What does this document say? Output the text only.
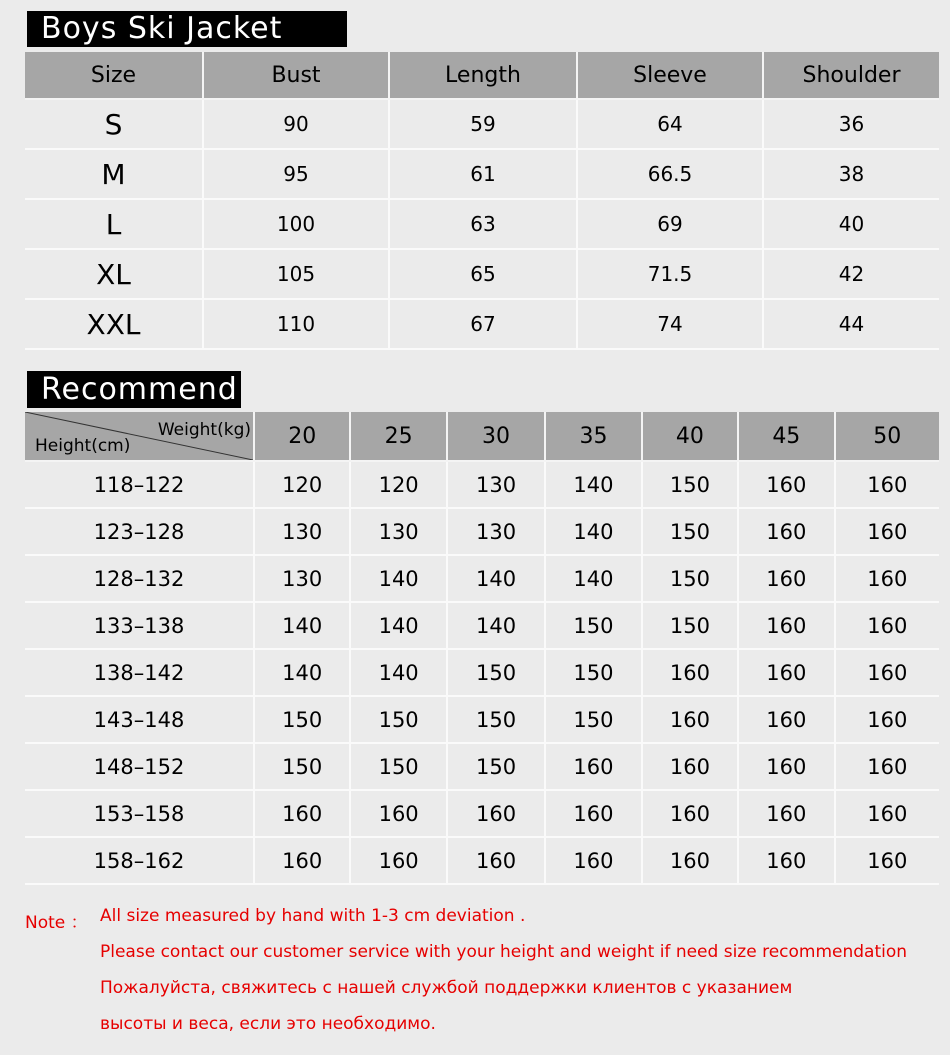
Boys Ski Jacket
Size	Bust	Length	Sleeve	Shoulder
S	90	59	64	36
M	95	61	66.5	38
L	100	63	69	40
XL	105	65	71.5	42
XXL	110	67	74	44
Recommend
Weight(kg)
Height(cm)	20	25	30	35	40	45	50
118–122	120	120	130	140	150	160	160
123–128	130	130	130	140	150	160	160
128–132	130	140	140	140	150	160	160
133–138	140	140	140	150	150	160	160
138–142	140	140	150	150	160	160	160
143–148	150	150	150	150	160	160	160
148–152	150	150	150	160	160	160	160
153–158	160	160	160	160	160	160	160
158–162	160	160	160	160	160	160	160
Note ： All size measured by hand with 1-3 cm deviation .
Please contact our customer service with your height and weight if need size recommendation
Пожалуйста, свяжитесь с нашей службой поддержки клиентов с указанием
высоты и веса, если это необходимо.
